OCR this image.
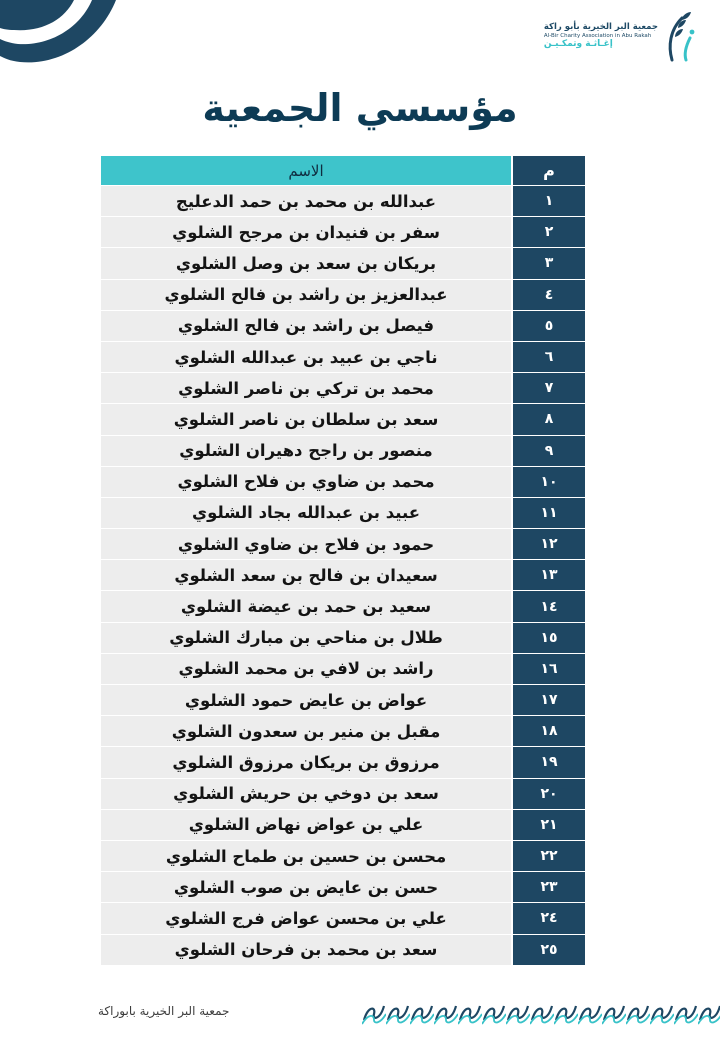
جمعية البر الخيرية بأبو راكة
Al-Bir Charity Association in Abu Rakah
إغـاثـة وتمكـيـن
مؤسسي الجمعية
الاسم	م
عبدالله بن محمد بن حمد الدعليج	١
سفر بن فنيدان بن مرجح الشلوي	٢
بريكان بن سعد بن وصل الشلوي	٣
عبدالعزيز بن راشد بن فالح الشلوي	٤
فيصل بن راشد بن فالح الشلوي	٥
ناجي بن عبيد بن عبدالله الشلوي	٦
محمد بن تركي بن ناصر الشلوي	٧
سعد بن سلطان بن ناصر الشلوي	٨
منصور بن راجح دهيران الشلوي	٩
محمد بن ضاوي بن فلاح الشلوي	١٠
عبيد بن عبدالله بجاد الشلوي	١١
حمود بن فلاح بن ضاوي الشلوي	١٢
سعيدان بن فالح بن سعد الشلوي	١٣
سعيد بن حمد بن عيضة الشلوي	١٤
طلال بن مناحي بن مبارك الشلوي	١٥
راشد بن لافي بن محمد الشلوي	١٦
عواض بن عايض حمود الشلوي	١٧
مقبل بن منير بن سعدون الشلوي	١٨
مرزوق بن بريكان مرزوق الشلوي	١٩
سعد بن دوخي بن حريش الشلوي	٢٠
علي بن عواض نهاض الشلوي	٢١
محسن بن حسين بن طماح الشلوي	٢٢
حسن بن عايض بن صوب الشلوي	٢٣
علي بن محسن عواض فرج الشلوي	٢٤
سعد بن محمد بن فرحان الشلوي	٢٥
جمعية البر الخيرية بابوراكة
